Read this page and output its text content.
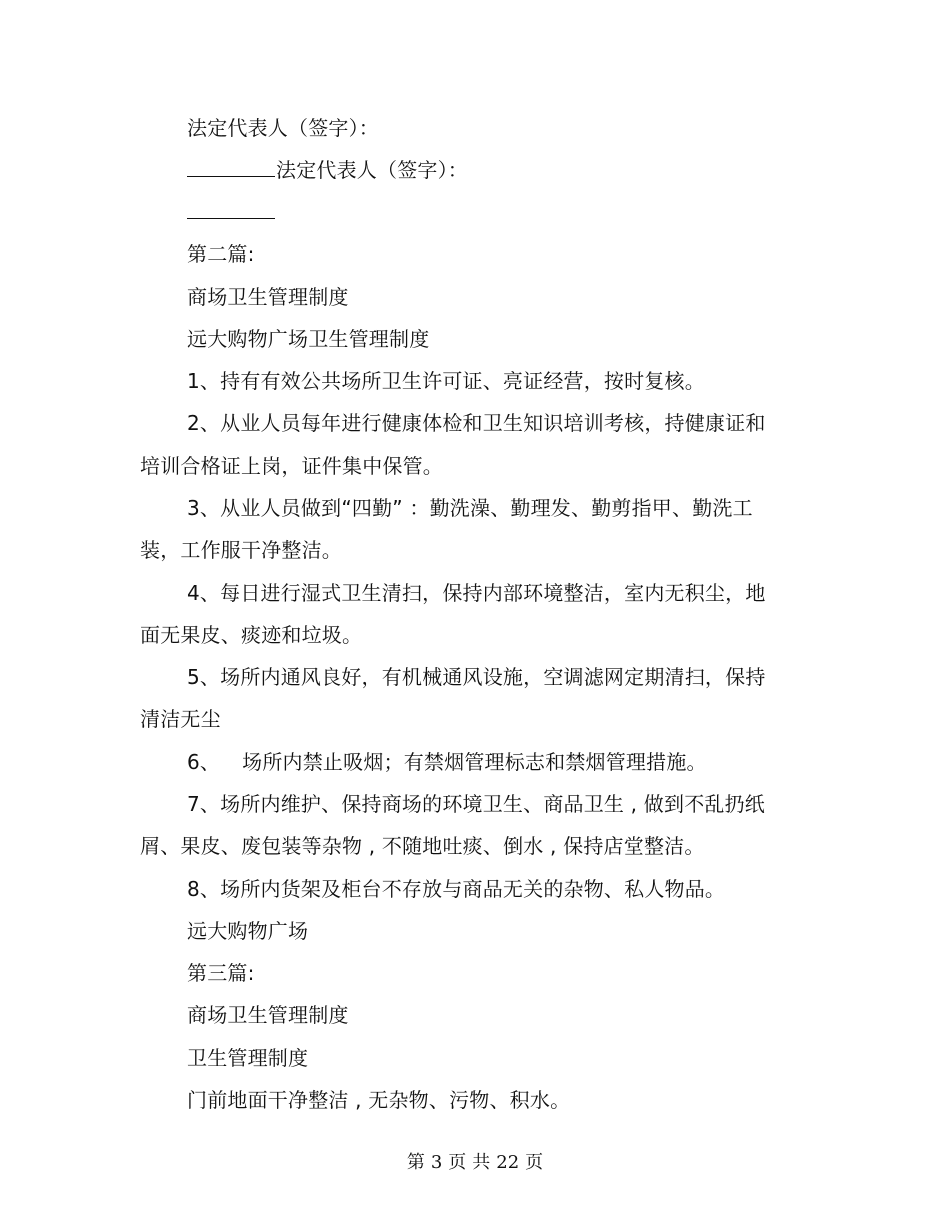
法定代表人（签字）：
法定代表人（签字）：
第二篇:
商场卫生管理制度
远大购物广场卫生管理制度
1、持有有效公共场所卫生许可证、亮证经营，按时复核。
2、从业人员每年进行健康体检和卫生知识培训考核，持健康证和
培训合格证上岗，证件集中保管。
3、从业人员做到“四勤” ：勤洗澡、勤理发、勤剪指甲、勤洗工
装，工作服干净整洁。
4、每日进行湿式卫生清扫，保持内部环境整洁，室内无积尘，地
面无果皮、痰迹和垃圾。
5、场所内通风良好，有机械通风设施，空调滤网定期清扫，保持
清洁无尘
6、 场所内禁止吸烟；有禁烟管理标志和禁烟管理措施。
7、场所内维护、保持商场的环境卫生、商品卫生 , 做到不乱扔纸
屑、果皮、废包装等杂物 , 不随地吐痰、倒水 , 保持店堂整洁。
8、场所内货架及柜台不存放与商品无关的杂物、私人物品。
远大购物广场
第三篇:
商场卫生管理制度
卫生管理制度
门前地面干净整洁 , 无杂物、污物、积水。
第 3 页 共 22 页
